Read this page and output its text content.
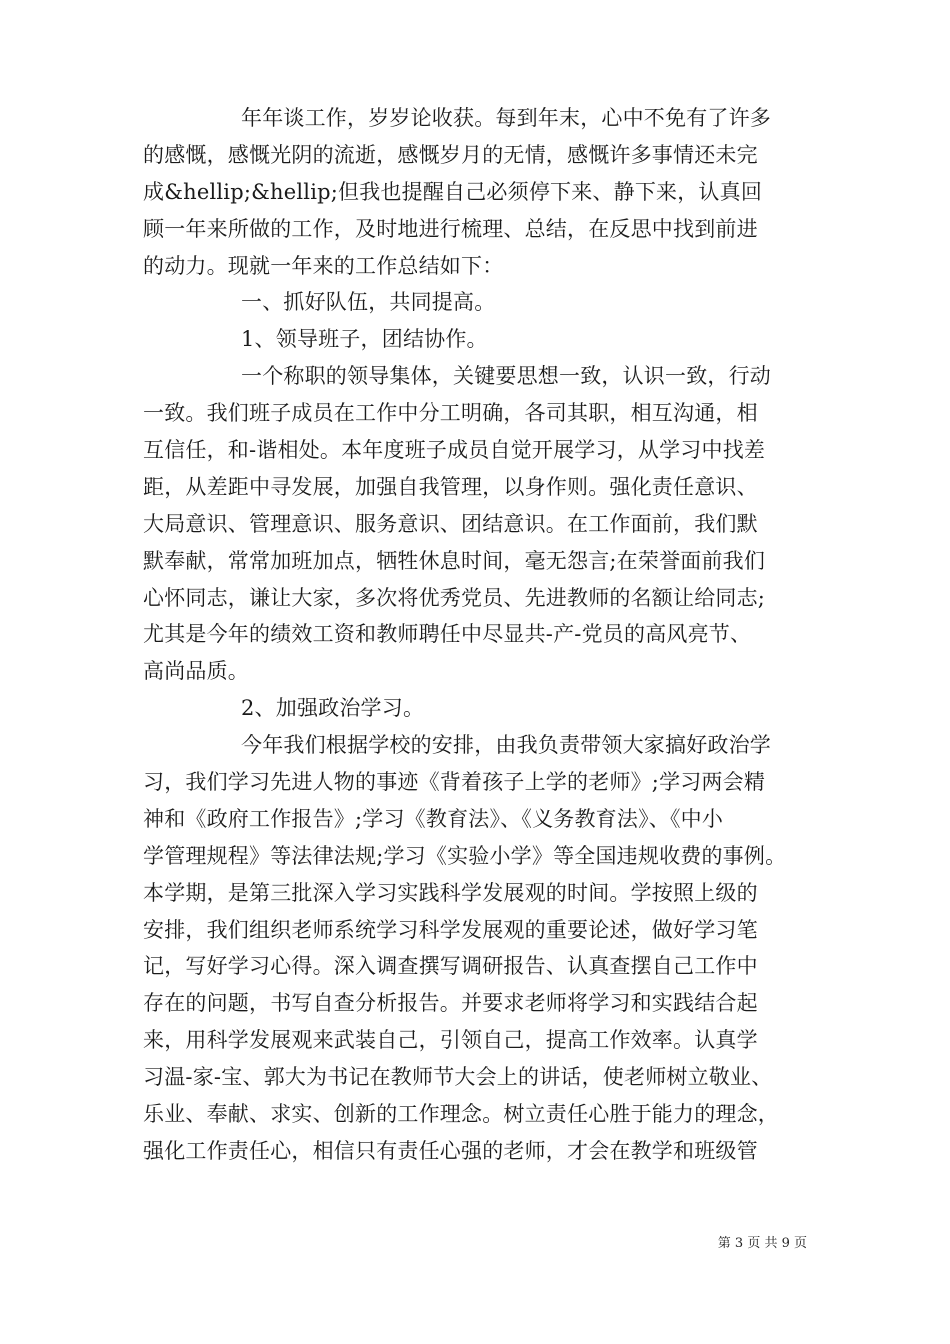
年年谈工作，岁岁论收获。每到年末，心中不免有了许多
的感慨，感慨光阴的流逝，感慨岁月的无情，感慨许多事情还未完
成&hellip;&hellip;但我也提醒自己必须停下来、静下来，认真回
顾一年来所做的工作，及时地进行梳理、总结，在反思中找到前进
的动力。现就一年来的工作总结如下：
一、抓好队伍，共同提高。
1、领导班子，团结协作。
一个称职的领导集体，关键要思想一致，认识一致，行动
一致。我们班子成员在工作中分工明确，各司其职，相互沟通，相
互信任，和-谐相处。本年度班子成员自觉开展学习，从学习中找差
距，从差距中寻发展，加强自我管理，以身作则。强化责任意识、
大局意识、管理意识、服务意识、团结意识。在工作面前，我们默
默奉献，常常加班加点，牺牲休息时间，毫无怨言;在荣誉面前我们
心怀同志，谦让大家，多次将优秀党员、先进教师的名额让给同志;
尤其是今年的绩效工资和教师聘任中尽显共-产-党员的高风亮节、
高尚品质。
2、加强政治学习。
今年我们根据学校的安排，由我负责带领大家搞好政治学
习，我们学习先进人物的事迹《背着孩子上学的老师》;学习两会精
神和《政府工作报告》;学习《教育法》、《义务教育法》、《中小
学管理规程》等法律法规;学习《实验小学》等全国违规收费的事例。
本学期，是第三批深入学习实践科学发展观的时间。学按照上级的
安排，我们组织老师系统学习科学发展观的重要论述，做好学习笔
记，写好学习心得。深入调查撰写调研报告、认真查摆自己工作中
存在的问题，书写自查分析报告。并要求老师将学习和实践结合起
来，用科学发展观来武装自己，引领自己，提高工作效率。认真学
习温-家-宝、郭大为书记在教师节大会上的讲话，使老师树立敬业、
乐业、奉献、求实、创新的工作理念。树立责任心胜于能力的理念，
强化工作责任心，相信只有责任心强的老师，才会在教学和班级管
第 3 页 共 9 页
